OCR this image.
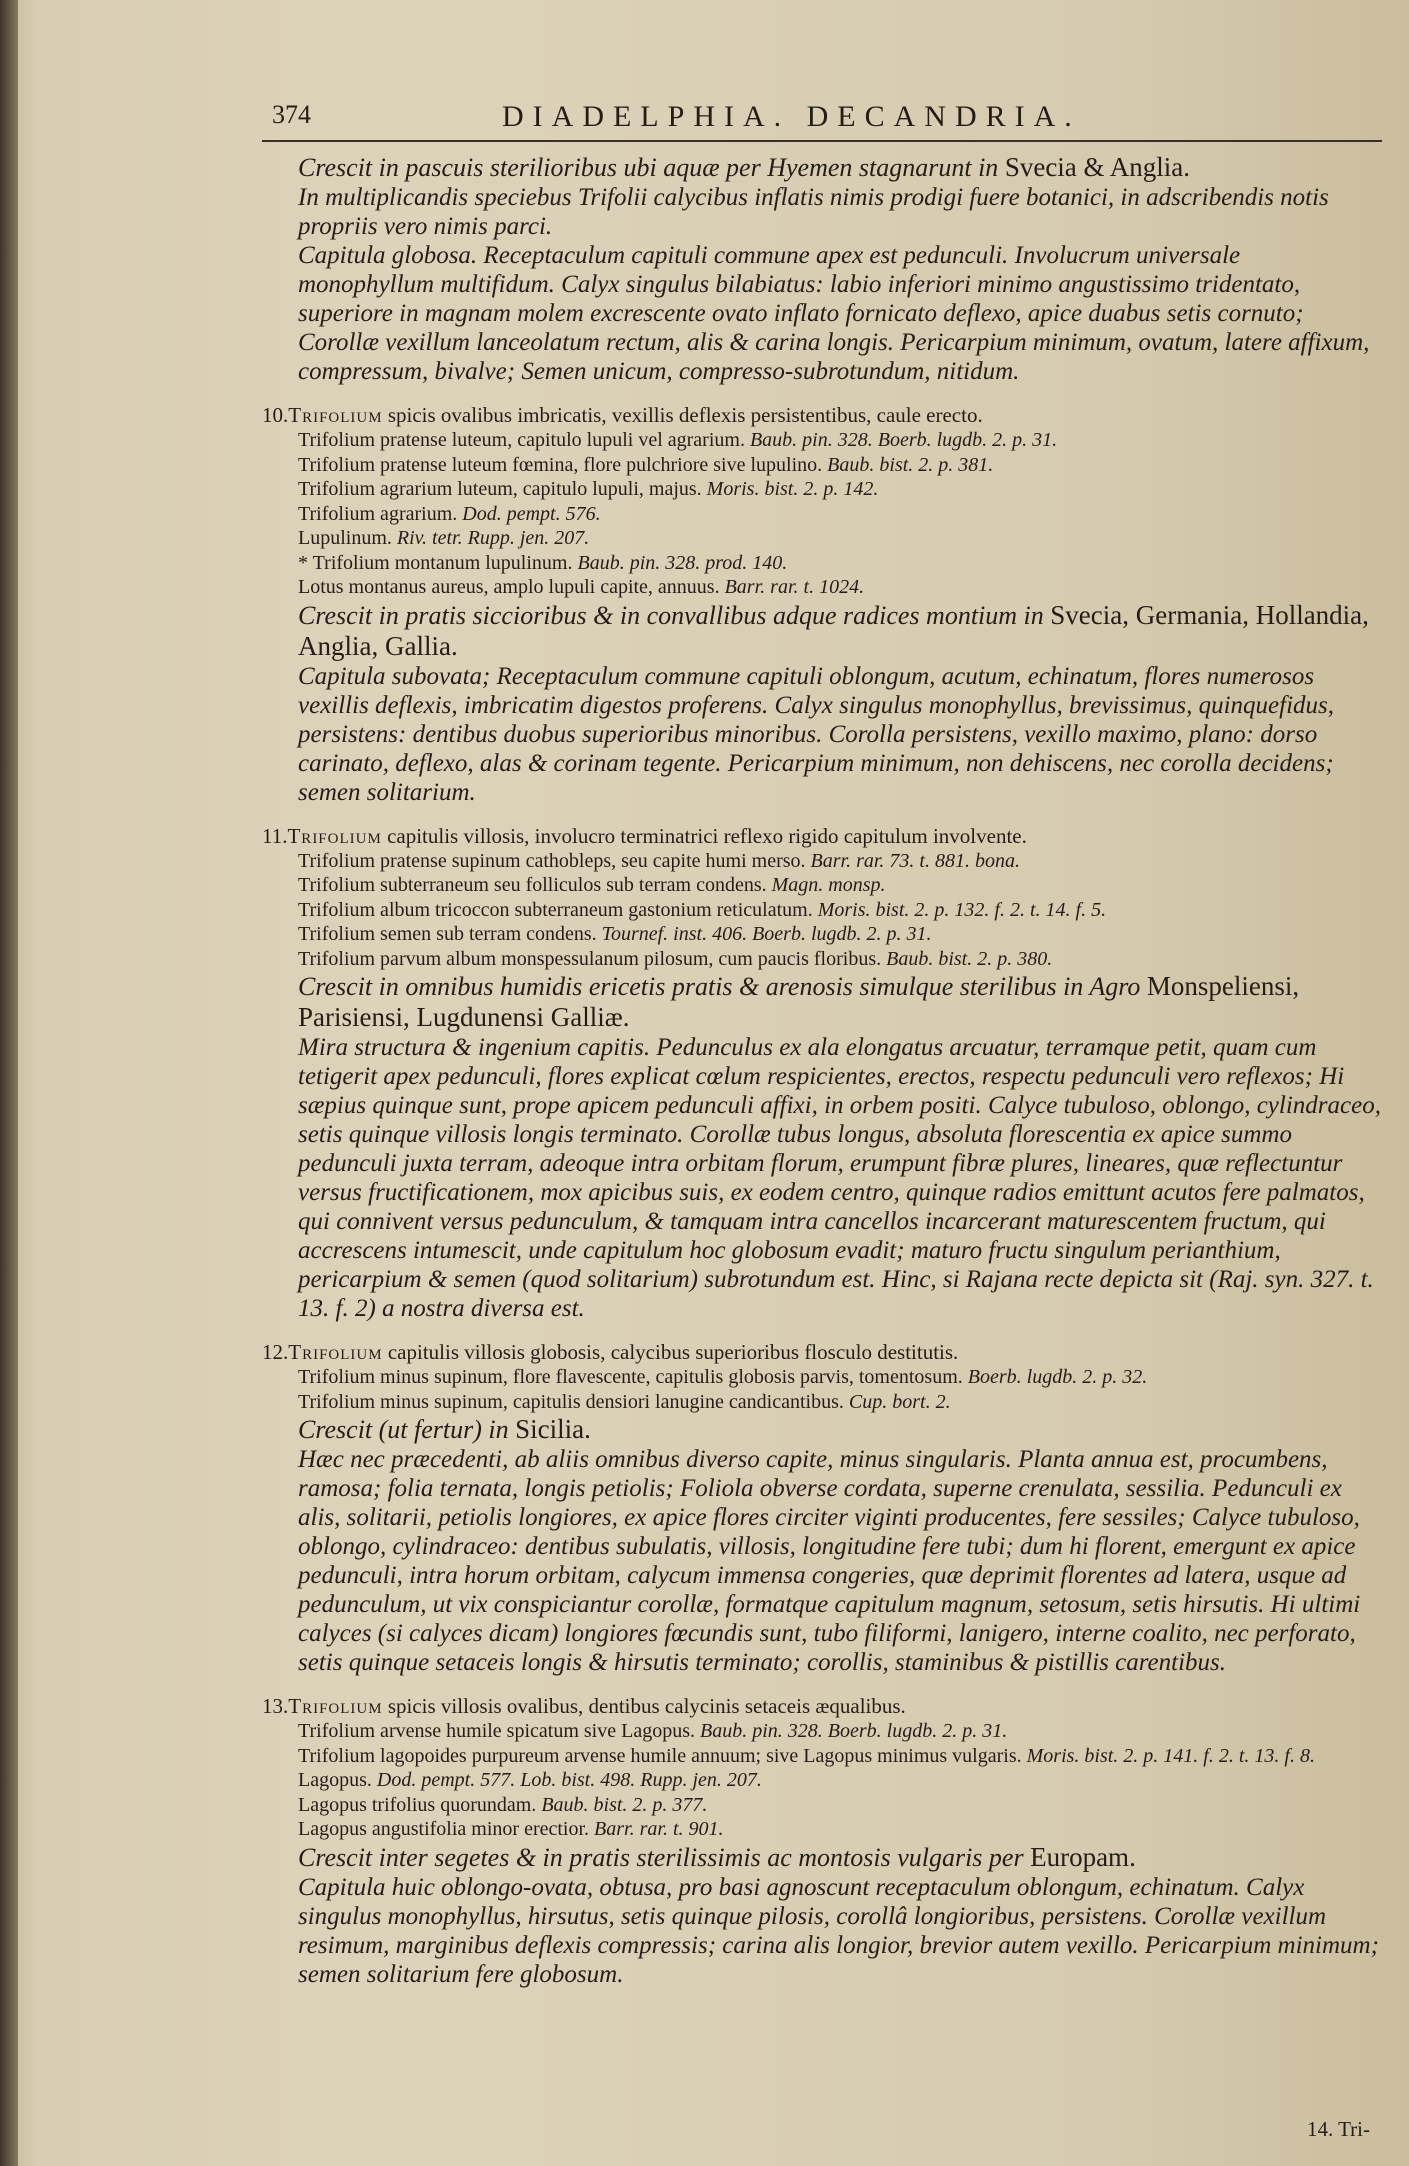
374	DIADELPHIA. DECANDRIA.

Crescit in pascuis sterilioribus ubi aquæ per Hyemen stagnarunt in Svecia & Anglia.

In multiplicandis speciebus Trifolii calycibus inflatis nimis prodigi fuere botanici, in adscribendis notis propriis vero nimis parci.

Capitula globosa. Receptaculum capituli commune apex est pedunculi. Involucrum universale monophyllum multifidum. Calyx singulus bilabiatus: labio inferiori minimo angustissimo tridentato, superiore in magnam molem excrescente ovato inflato fornicato deflexo, apice duabus setis cornuto; Corollæ vexillum lanceolatum rectum, alis & carina longis. Pericarpium minimum, ovatum, latere affixum, compressum, bivalve; Semen unicum, compresso-subrotundum, nitidum.

10.Trifolium spicis ovalibus imbricatis, vexillis deflexis persistentibus, caule erecto.

Trifolium pratense luteum, capitulo lupuli vel agrarium. Baub. pin. 328. Boerb. lugdb. 2. p. 31.

Trifolium pratense luteum fœmina, flore pulchriore sive lupulino. Baub. bist. 2. p. 381.

Trifolium agrarium luteum, capitulo lupuli, majus. Moris. bist. 2. p. 142.

Trifolium agrarium. Dod. pempt. 576.

Lupulinum. Riv. tetr. Rupp. jen. 207.

* Trifolium montanum lupulinum. Baub. pin. 328. prod. 140.

Lotus montanus aureus, amplo lupuli capite, annuus. Barr. rar. t. 1024.

Crescit in pratis siccioribus & in convallibus adque radices montium in Svecia, Germania, Hollandia, Anglia, Gallia.

Capitula subovata; Receptaculum commune capituli oblongum, acutum, echinatum, flores numerosos vexillis deflexis, imbricatim digestos proferens. Calyx singulus monophyllus, brevissimus, quinquefidus, persistens: dentibus duobus superioribus minoribus. Corolla persistens, vexillo maximo, plano: dorso carinato, deflexo, alas & corinam tegente. Pericarpium minimum, non dehiscens, nec corolla decidens; semen solitarium.

11.Trifolium capitulis villosis, involucro terminatrici reflexo rigido capitulum involvente.

Trifolium pratense supinum cathobleps, seu capite humi merso. Barr. rar. 73. t. 881. bona.

Trifolium subterraneum seu folliculos sub terram condens. Magn. monsp.

Trifolium album tricoccon subterraneum gastonium reticulatum. Moris. bist. 2. p. 132. f. 2. t. 14. f. 5.

Trifolium semen sub terram condens. Tournef. inst. 406. Boerb. lugdb. 2. p. 31.

Trifolium parvum album monspessulanum pilosum, cum paucis floribus. Baub. bist. 2. p. 380.

Crescit in omnibus humidis ericetis pratis & arenosis simulque sterilibus in Agro Monspeliensi, Parisiensi, Lugdunensi Galliæ.

Mira structura & ingenium capitis. Pedunculus ex ala elongatus arcuatur, terramque petit, quam cum tetigerit apex pedunculi, flores explicat cœlum respicientes, erectos, respectu pedunculi vero reflexos; Hi sæpius quinque sunt, prope apicem pedunculi affixi, in orbem positi. Calyce tubuloso, oblongo, cylindraceo, setis quinque villosis longis terminato. Corollæ tubus longus, absoluta florescentia ex apice summo pedunculi juxta terram, adeoque intra orbitam florum, erumpunt fibræ plures, lineares, quæ reflectuntur versus fructificationem, mox apicibus suis, ex eodem centro, quinque radios emittunt acutos fere palmatos, qui connivent versus pedunculum, & tamquam intra cancellos incarcerant maturescentem fructum, qui accrescens intumescit, unde capitulum hoc globosum evadit; maturo fructu singulum perianthium, pericarpium & semen (quod solitarium) subrotundum est. Hinc, si Rajana recte depicta sit (Raj. syn. 327. t. 13. f. 2) a nostra diversa est.

12.Trifolium capitulis villosis globosis, calycibus superioribus flosculo destitutis.

Trifolium minus supinum, flore flavescente, capitulis globosis parvis, tomentosum. Boerb. lugdb. 2. p. 32.

Trifolium minus supinum, capitulis densiori lanugine candicantibus. Cup. bort. 2.

Crescit (ut fertur) in Sicilia.

Hæc nec præcedenti, ab aliis omnibus diverso capite, minus singularis. Planta annua est, procumbens, ramosa; folia ternata, longis petiolis; Foliola obverse cordata, superne crenulata, sessilia. Pedunculi ex alis, solitarii, petiolis longiores, ex apice flores circiter viginti producentes, fere sessiles; Calyce tubuloso, oblongo, cylindraceo: dentibus subulatis, villosis, longitudine fere tubi; dum hi florent, emergunt ex apice pedunculi, intra horum orbitam, calycum immensa congeries, quæ deprimit florentes ad latera, usque ad pedunculum, ut vix conspiciantur corollæ, formatque capitulum magnum, setosum, setis hirsutis. Hi ultimi calyces (si calyces dicam) longiores fœcundis sunt, tubo filiformi, lanigero, interne coalito, nec perforato, setis quinque setaceis longis & hirsutis terminato; corollis, staminibus & pistillis carentibus.

13.Trifolium spicis villosis ovalibus, dentibus calycinis setaceis æqualibus.

Trifolium arvense humile spicatum sive Lagopus. Baub. pin. 328. Boerb. lugdb. 2. p. 31.

Trifolium lagopoides purpureum arvense humile annuum; sive Lagopus minimus vulgaris. Moris. bist. 2. p. 141. f. 2. t. 13. f. 8.

Lagopus. Dod. pempt. 577. Lob. bist. 498. Rupp. jen. 207.

Lagopus trifolius quorundam. Baub. bist. 2. p. 377.

Lagopus angustifolia minor erectior. Barr. rar. t. 901.

Crescit inter segetes & in pratis sterilissimis ac montosis vulgaris per Europam.

Capitula huic oblongo-ovata, obtusa, pro basi agnoscunt receptaculum oblongum, echinatum. Calyx singulus monophyllus, hirsutus, setis quinque pilosis, corollâ longioribus, persistens. Corollæ vexillum resimum, marginibus deflexis compressis; carina alis longior, brevior autem vexillo. Pericarpium minimum; semen solitarium fere globosum.

14. Tri-
